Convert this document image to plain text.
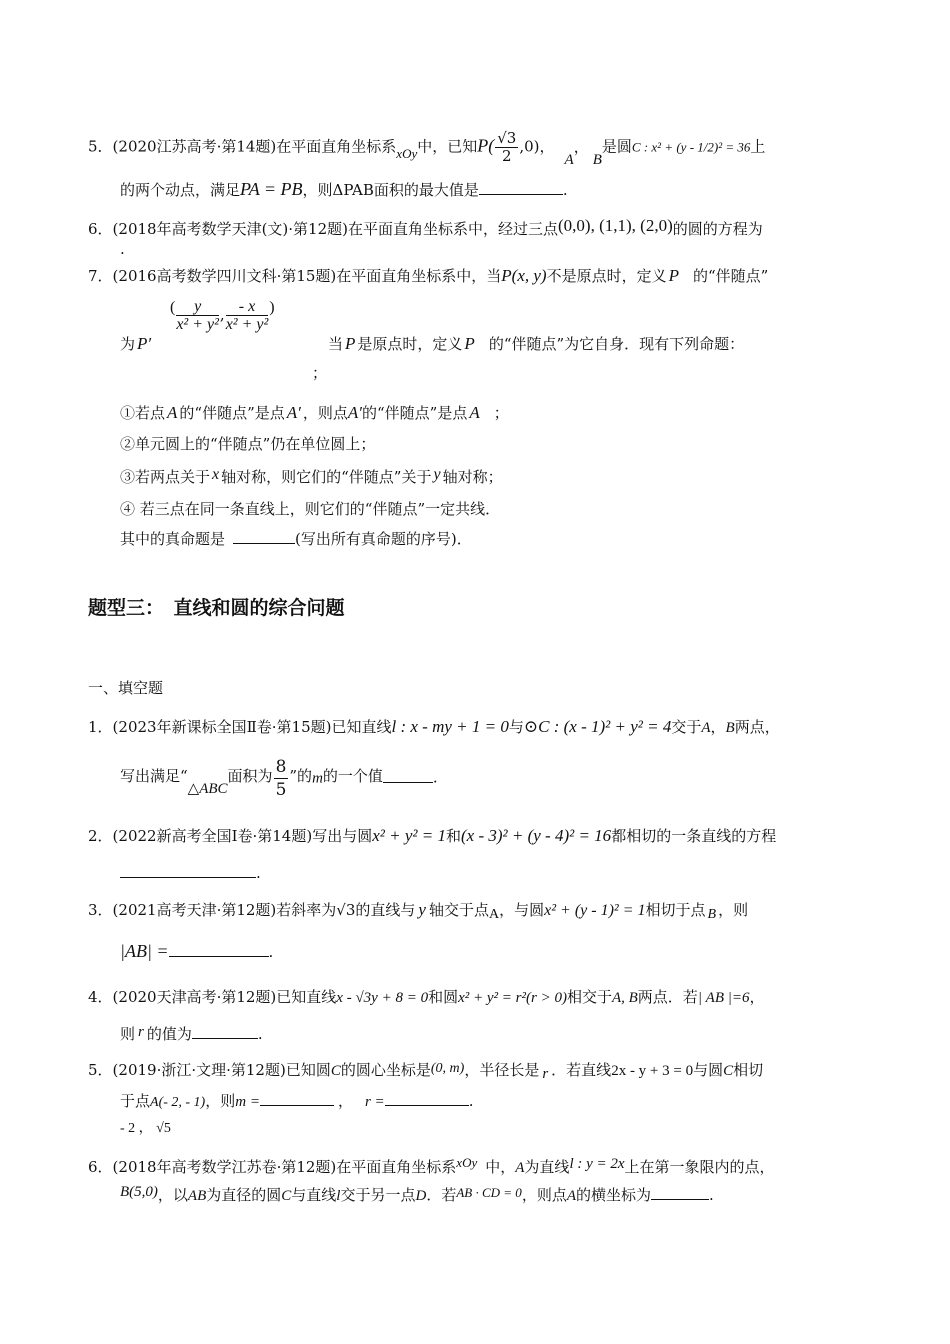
5．(2020江苏高考·第14题)在平面直角坐标系xOy中，已知$P( \frac{√3}{2} ,0)$，A，B是圆C : x² + (y - 1/2)² = 36上
的两个动点，满足PA = PB，则ΔPAB面积的最大值是	.
6．(2018年高考数学天津(文)·第12题)在平面直角坐标系中，经过三点(0,0), (1,1), (2,0)的圆的方程为
.
7．(2016高考数学四川文科·第15题)在平面直角坐标系中，当P(x, y)不是原点时，定义 P 的“伴随点”
为 P′
( $\frac{y}{\text{x² + y²}}$ , $\frac{- x}{\text{x² + y²}}$ )
；
当 P 是原点时，定义 P 的“伴随点”为它自身．现有下列命题：
①若点 A 的“伴随点”是点 A′ ，则点A′的“伴随点”是点 A ；
②单元圆上的“伴随点”仍在单位圆上；
③若两点关于 x 轴对称，则它们的“伴随点”关于 y 轴对称；
④ 若三点在同一条直线上，则它们的“伴随点”一定共线．
其中的真命题是	(写出所有真命题的序号)．
题型三：　直线和圆的综合问题
一、填空题
1．(2023年新课标全国Ⅱ卷·第15题)已知直线l : x - my + 1 = 0与⊙C : (x - 1)² + y² = 4交于A，B两点，
写出满足“△ABC面积为 $\frac{8}{5}$ ”的m的一个值	.
2．(2022新高考全国I卷·第14题)写出与圆x² + y² = 1和(x - 3)² + (y - 4)² = 16都相切的一条直线的方程
.
3．(2021高考天津·第12题)若斜率为√3的直线与 y 轴交于点A，与圆x² + (y - 1)² = 1相切于点 B ，则
|AB| =	.
4．(2020天津高考·第12题)已知直线x - √3y + 8 = 0和圆x² + y² = r²(r > 0)相交于A, B两点．若| AB |=6，
则 r 的值为	.
5．(2019·浙江·文理·第12题)已知圆C的圆心坐标是(0, m)，半径长是 r ．若直线2x - y + 3 = 0与圆C相切
于点A(- 2, - 1)，则m =	， r =	.
- 2 ， √5
6．(2018年高考数学江苏卷·第12题)在平面直角坐标系xOy 中，A为直线l : y = 2x上在第一象限内的点，
B(5,0)，以AB为直径的圆C与直线l交于另一点D．若AB · CD = 0，则点A的横坐标为	.
